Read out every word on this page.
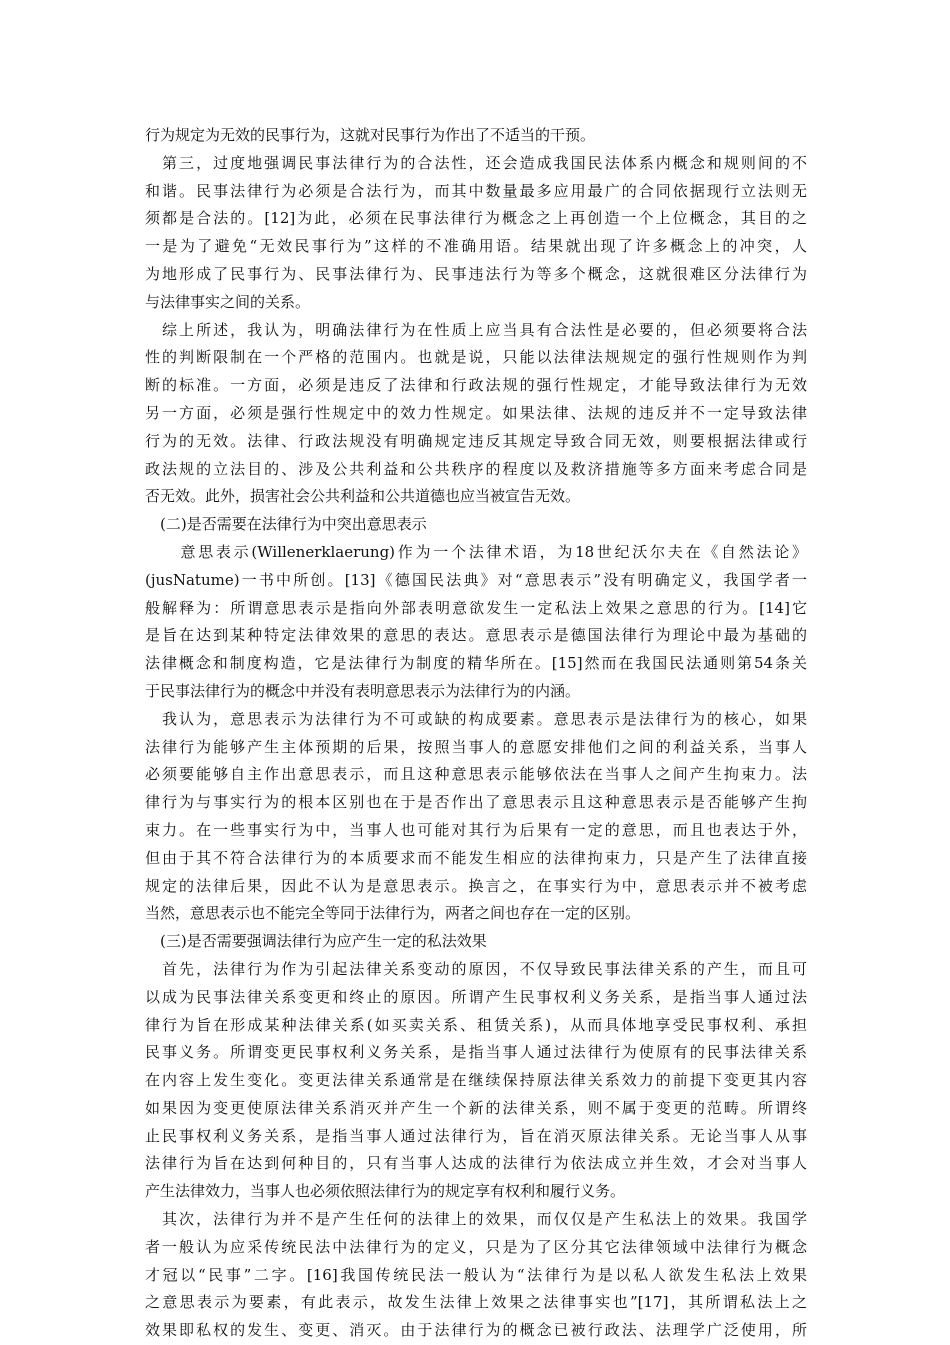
行为规定为无效的民事行为，这就对民事行为作出了不适当的干预。
　第三，过度地强调民事法律行为的合法性，还会造成我国民法体系内概念和规则间的不
和谐。民事法律行为必须是合法行为，而其中数量最多应用最广的合同依据现行立法则无
须都是合法的。[12]为此，必须在民事法律行为概念之上再创造一个上位概念，其目的之
一是为了避免“无效民事行为”这样的不准确用语。结果就出现了许多概念上的冲突，人
为地形成了民事行为、民事法律行为、民事违法行为等多个概念，这就很难区分法律行为
与法律事实之间的关系。
　综上所述，我认为，明确法律行为在性质上应当具有合法性是必要的，但必须要将合法
性的判断限制在一个严格的范围内。也就是说，只能以法律法规规定的强行性规则作为判
断的标准。一方面，必须是违反了法律和行政法规的强行性规定，才能导致法律行为无效
另一方面，必须是强行性规定中的效力性规定。如果法律、法规的违反并不一定导致法律
行为的无效。法律、行政法规没有明确规定违反其规定导致合同无效，则要根据法律或行
政法规的立法目的、涉及公共利益和公共秩序的程度以及救济措施等多方面来考虑合同是
否无效。此外，损害社会公共利益和公共道德也应当被宣告无效。
　(二)是否需要在法律行为中突出意思表示
　　意思表示(Willenerklaerung)作为一个法律术语，为18世纪沃尔夫在《自然法论》
(jusNatume)一书中所创。[13]《德国民法典》对“意思表示”没有明确定义，我国学者一
般解释为：所谓意思表示是指向外部表明意欲发生一定私法上效果之意思的行为。[14]它
是旨在达到某种特定法律效果的意思的表达。意思表示是德国法律行为理论中最为基础的
法律概念和制度构造，它是法律行为制度的精华所在。[15]然而在我国民法通则第54条关
于民事法律行为的概念中并没有表明意思表示为法律行为的内涵。
　我认为，意思表示为法律行为不可或缺的构成要素。意思表示是法律行为的核心，如果
法律行为能够产生主体预期的后果，按照当事人的意愿安排他们之间的利益关系，当事人
必须要能够自主作出意思表示，而且这种意思表示能够依法在当事人之间产生拘束力。法
律行为与事实行为的根本区别也在于是否作出了意思表示且这种意思表示是否能够产生拘
束力。在一些事实行为中，当事人也可能对其行为后果有一定的意思，而且也表达于外，
但由于其不符合法律行为的本质要求而不能发生相应的法律拘束力，只是产生了法律直接
规定的法律后果，因此不认为是意思表示。换言之，在事实行为中，意思表示并不被考虑
当然，意思表示也不能完全等同于法律行为，两者之间也存在一定的区别。
　(三)是否需要强调法律行为应产生一定的私法效果
　首先，法律行为作为引起法律关系变动的原因，不仅导致民事法律关系的产生，而且可
以成为民事法律关系变更和终止的原因。所谓产生民事权利义务关系，是指当事人通过法
律行为旨在形成某种法律关系(如买卖关系、租赁关系)，从而具体地享受民事权利、承担
民事义务。所谓变更民事权利义务关系，是指当事人通过法律行为使原有的民事法律关系
在内容上发生变化。变更法律关系通常是在继续保持原法律关系效力的前提下变更其内容
如果因为变更使原法律关系消灭并产生一个新的法律关系，则不属于变更的范畴。所谓终
止民事权利义务关系，是指当事人通过法律行为，旨在消灭原法律关系。无论当事人从事
法律行为旨在达到何种目的，只有当事人达成的法律行为依法成立并生效，才会对当事人
产生法律效力，当事人也必须依照法律行为的规定享有权利和履行义务。
　其次，法律行为并不是产生任何的法律上的效果，而仅仅是产生私法上的效果。我国学
者一般认为应采传统民法中法律行为的定义，只是为了区分其它法律领域中法律行为概念
才冠以“民事”二字。[16]我国传统民法一般认为“法律行为是以私人欲发生私法上效果
之意思表示为要素，有此表示，故发生法律上效果之法律事实也”[17]，其所谓私法上之
效果即私权的发生、变更、消灭。由于法律行为的概念已被行政法、法理学广泛使用，所
